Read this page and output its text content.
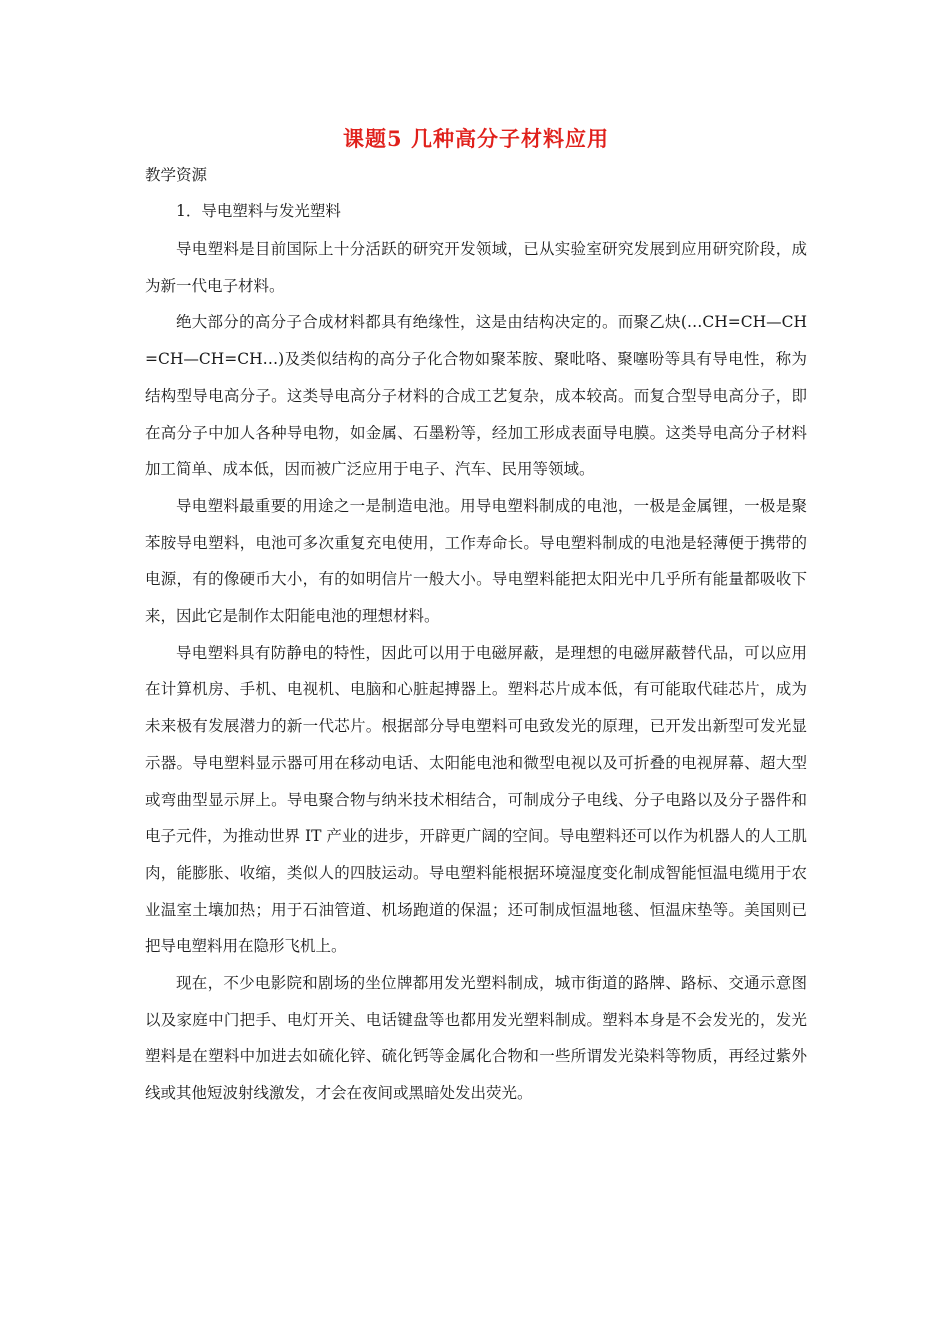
课题5 几种高分子材料应用
教学资源
1．导电塑料与发光塑料

导电塑料是目前国际上十分活跃的研究开发领域，已从实验室研究发展到应用研究阶段，成为新一代电子材料。

绝大部分的高分子合成材料都具有绝缘性，这是由结构决定的。而聚乙炔(…CH=CH—CH=CH—CH=CH…)及类似结构的高分子化合物如聚苯胺、聚吡咯、聚噻吩等具有导电性，称为结构型导电高分子。这类导电高分子材料的合成工艺复杂，成本较高。而复合型导电高分子，即在高分子中加人各种导电物，如金属、石墨粉等，经加工形成表面导电膜。这类导电高分子材料加工简单、成本低，因而被广泛应用于电子、汽车、民用等领域。

导电塑料最重要的用途之一是制造电池。用导电塑料制成的电池，一极是金属锂，一极是聚苯胺导电塑料，电池可多次重复充电使用，工作寿命长。导电塑料制成的电池是轻薄便于携带的电源，有的像硬币大小，有的如明信片一般大小。导电塑料能把太阳光中几乎所有能量都吸收下来，因此它是制作太阳能电池的理想材料。

导电塑料具有防静电的特性，因此可以用于电磁屏蔽，是理想的电磁屏蔽替代品，可以应用在计算机房、手机、电视机、电脑和心脏起搏器上。塑料芯片成本低，有可能取代硅芯片，成为未来极有发展潜力的新一代芯片。根据部分导电塑料可电致发光的原理，已开发出新型可发光显示器。导电塑料显示器可用在移动电话、太阳能电池和微型电视以及可折叠的电视屏幕、超大型或弯曲型显示屏上。导电聚合物与纳米技术相结合，可制成分子电线、分子电路以及分子器件和电子元件，为推动世界 IT 产业的进步，开辟更广阔的空间。导电塑料还可以作为机器人的人工肌肉，能膨胀、收缩，类似人的四肢运动。导电塑料能根据环境湿度变化制成智能恒温电缆用于农业温室土壤加热；用于石油管道、机场跑道的保温；还可制成恒温地毯、恒温床垫等。美国则已把导电塑料用在隐形飞机上。

现在，不少电影院和剧场的坐位牌都用发光塑料制成，城市街道的路牌、路标、交通示意图以及家庭中门把手、电灯开关、电话键盘等也都用发光塑料制成。塑料本身是不会发光的，发光塑料是在塑料中加进去如硫化锌、硫化钙等金属化合物和一些所谓发光染料等物质，再经过紫外线或其他短波射线激发，才会在夜间或黑暗处发出荧光。
